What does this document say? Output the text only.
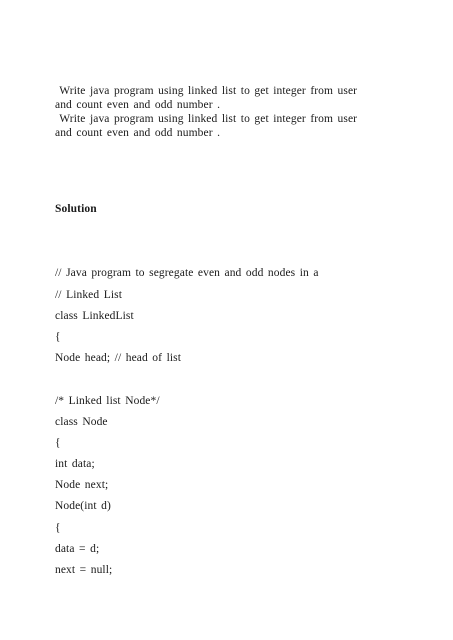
Write java program using linked list to get integer from user
and count even and odd number .
Write java program using linked list to get integer from user
and count even and odd number .
Solution
// Java program to segregate even and odd nodes in a
// Linked List
class LinkedList
{
Node head; // head of list
/* Linked list Node*/
class Node
{
int data;
Node next;
Node(int d)
{
data = d;
next = null;
